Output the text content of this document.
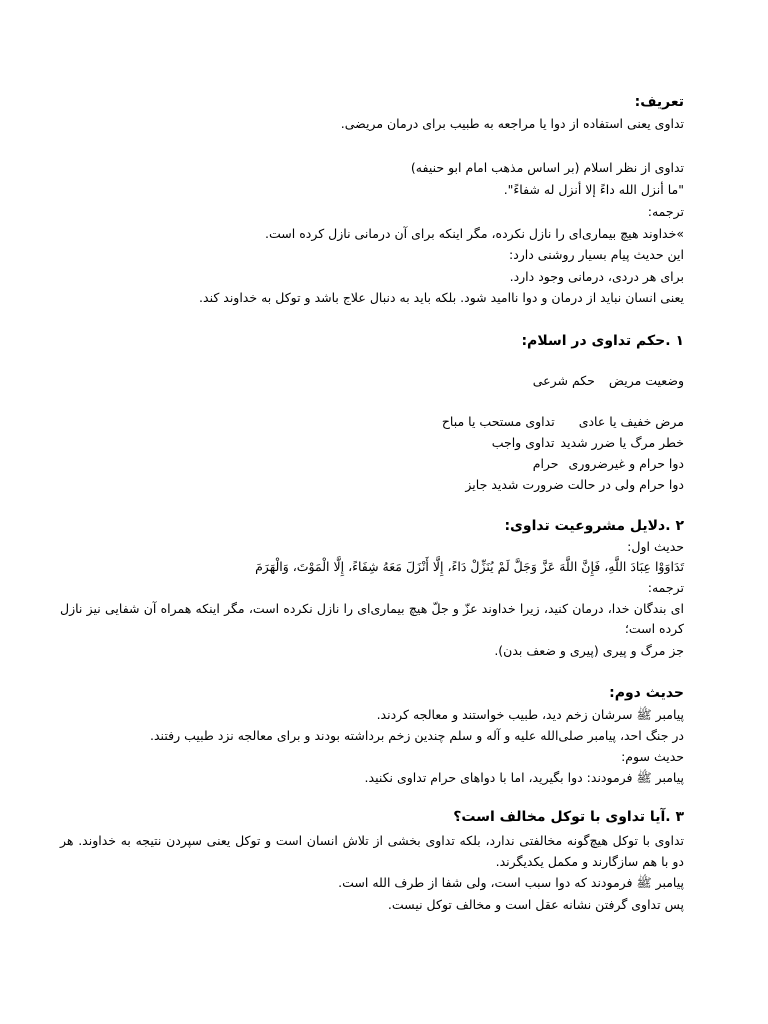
تعریف:
تداوی یعنی استفاده از دوا یا مراجعه به طبیب برای درمان مریضی.
تداوی از نظر اسلام (بر اساس مذهب امام ابو حنیفه)
"ما أنزل الله داءً إلا أنزل له شفاءً".
ترجمه:
»خداوند هیچ بیماری‌ای را نازل نکرده، مگر اینکه برای آن درمانی نازل کرده است.
این حدیث پیام بسیار روشنی دارد:
برای هر دردی، درمانی وجود دارد.
یعنی انسان نباید از درمان و دوا ناامید شود. بلکه باید به دنبال علاج باشد و توکل به خداوند کند.
۱ .حکم تداوی در اسلام:
وضعیت مریضحکم شرعی
مرض خفیف یا عادیتداوی مستحب یا مباح
خطر مرگ یا ضرر شدیدتداوی واجب
دوا حرام و غیرضروریحرام
دوا حرام ولی در حالت ضرورت شدیدجایز
۲ .دلایل مشروعیت تداوی:
حدیث اول:
تَدَاوَوْا عِبَادَ اللَّهِ، فَإِنَّ اللَّهَ عَزَّ وَجَلَّ لَمْ يُنَزِّلْ دَاءً، إِلَّا أَنْزَلَ مَعَهُ شِفَاءً، إِلَّا الْمَوْتَ، وَالْهَرَمَ
ترجمه:
ای بندگان خدا، درمان کنید، زیرا خداوند عزّ و جلّ هیچ بیماری‌ای را نازل نکرده است، مگر اینکه همراه آن شفایی نیز نازل کرده است؛
جز مرگ و پیری (پیری و ضعف بدن).
حدیث دوم:
پیامبر ﷺ سرشان زخم دید، طبیب خواستند و معالجه کردند.
در جنگ احد، پیامبر صلی‌الله علیه و آله و سلم چندین زخم برداشته بودند و برای معالجه نزد طبیب رفتند.
حدیث سوم:
پیامبر ﷺ فرمودند: دوا بگیرید، اما با دواهای حرام تداوی نکنید.
۳ .آیا تداوی با توکل مخالف است؟
تداوی با توکل هیچ‌گونه مخالفتی ندارد، بلکه تداوی بخشی از تلاش انسان است و توکل یعنی سپردن نتیجه به خداوند. هر دو با هم سازگارند و مکمل یکدیگرند.
پیامبر ﷺ فرمودند که دوا سبب است، ولی شفا از طرف الله است.
پس تداوی گرفتن نشانه عقل است و مخالف توکل نیست.
